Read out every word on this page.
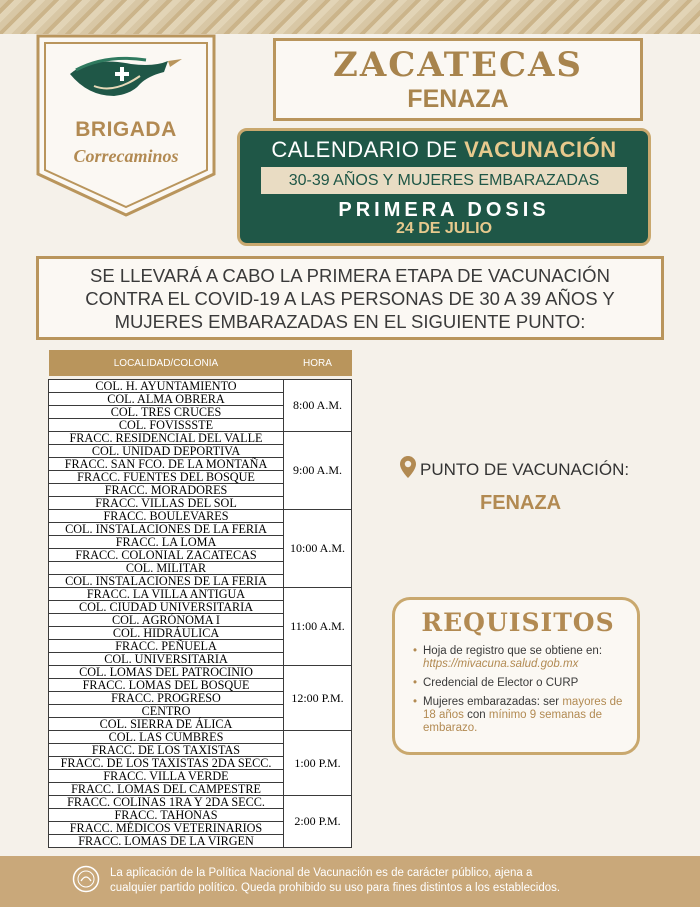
BRIGADA
Correcaminos
ZACATECAS
FENAZA
CALENDARIO DE VACUNACIÓN
30-39 AÑOS Y MUJERES EMBARAZADAS
PRIMERA DOSIS
24 DE JULIO
SE LLEVARÁ A CABO LA PRIMERA ETAPA DE VACUNACIÓN
CONTRA EL COVID-19 A LAS PERSONAS DE 30 A 39 AÑOS Y
MUJERES EMBARAZADAS EN EL SIGUIENTE PUNTO:
LOCALIDAD/COLONIA	HORA

COL. H. AYUNTAMIENTO	8:00 A.M.
COL. ALMA OBRERA	
COL. TRES CRUCES	
COL. FOVISSSTE	
FRACC. RESIDENCIAL DEL VALLE	9:00 A.M.
COL. UNIDAD DEPORTIVA	
FRACC. SAN FCO. DE LA MONTAÑA	
FRACC. FUENTES DEL BOSQUE	
FRACC. MORADORES	
FRACC. VILLAS DEL SOL	
FRACC. BOULEVARES	10:00 A.M.
COL. INSTALACIONES DE LA FERIA	
FRACC. LA LOMA	
FRACC. COLONIAL ZACATECAS	
COL. MILITAR	
COL. INSTALACIONES DE LA FERIA	
FRACC. LA VILLA ANTIGUA	11:00 A.M.
COL. CIUDAD UNIVERSITARIA	
COL. AGRÓNOMA I	
COL. HIDRÁULICA	
FRACC. PEÑUELA	
COL. UNIVERSITARIA	
COL. LOMAS DEL PATROCINIO	12:00 P.M.
FRACC. LOMAS DEL BOSQUE	
FRACC. PROGRESO	
CENTRO	
COL. SIERRA DE ÁLICA	
COL. LAS CUMBRES	1:00 P.M.
FRACC. DE LOS TAXISTAS	
FRACC. DE LOS TAXISTAS 2DA SECC.	
FRACC. VILLA VERDE	
FRACC. LOMAS DEL CAMPESTRE	
FRACC. COLINAS 1RA Y 2DA SECC.	2:00 P.M.
FRACC. TAHONAS	
FRACC. MÉDICOS VETERINARIOS	
FRACC. LOMAS DE LA VIRGEN	
PUNTO DE VACUNACIÓN:
FENAZA
REQUISITOS
• Hoja de registro que se obtiene en: https://mivacuna.salud.gob.mx
• Credencial de Elector o CURP
• Mujeres embarazadas: ser mayores de 18 años con mínimo 9 semanas de embarazo.
La aplicación de la Política Nacional de Vacunación es de carácter público, ajena a
cualquier partido político. Queda prohibido su uso para fines distintos a los establecidos.
